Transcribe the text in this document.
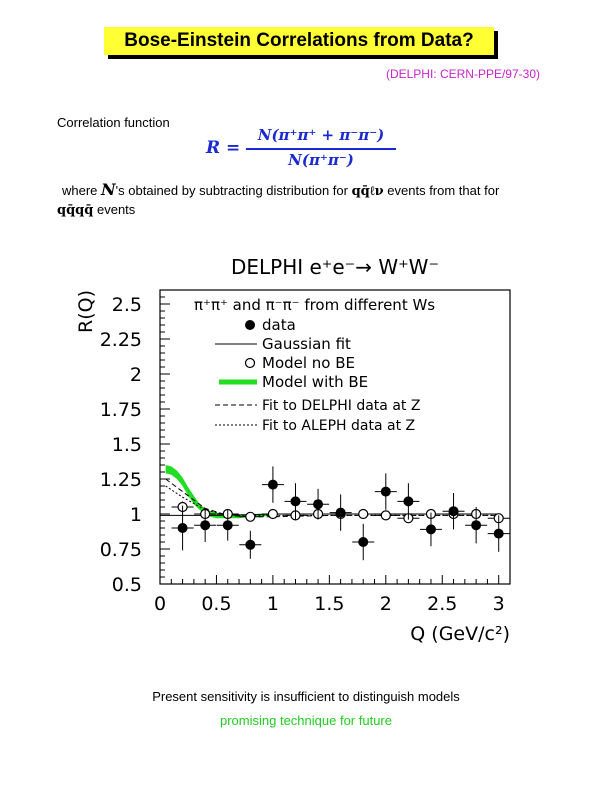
Bose-Einstein Correlations from Data?
(DELPHI: CERN-PPE/97-30)
Correlation function
R =
N(π⁺π⁺ + π⁻π⁻)
N(π⁺π⁻)
where N's obtained by subtracting distribution for qq̄ℓν events from that for
qq̄qq̄ events
DELPHI e⁺e⁻→ W⁺W⁻
0 0.5 1 1.5 2 2.5 3
0.5
0.75
1
1.25
1.5
1.75
2
2.25
2.5
Q (GeV/c²)
R(Q)	π⁺π⁺ and π⁻π⁻ from different Ws
data
Gaussian fit
Model no BE
Model with BE
Fit to DELPHI data at Z
Fit to ALEPH data at Z
Present sensitivity is insufficient to distinguish models
promising technique for future
